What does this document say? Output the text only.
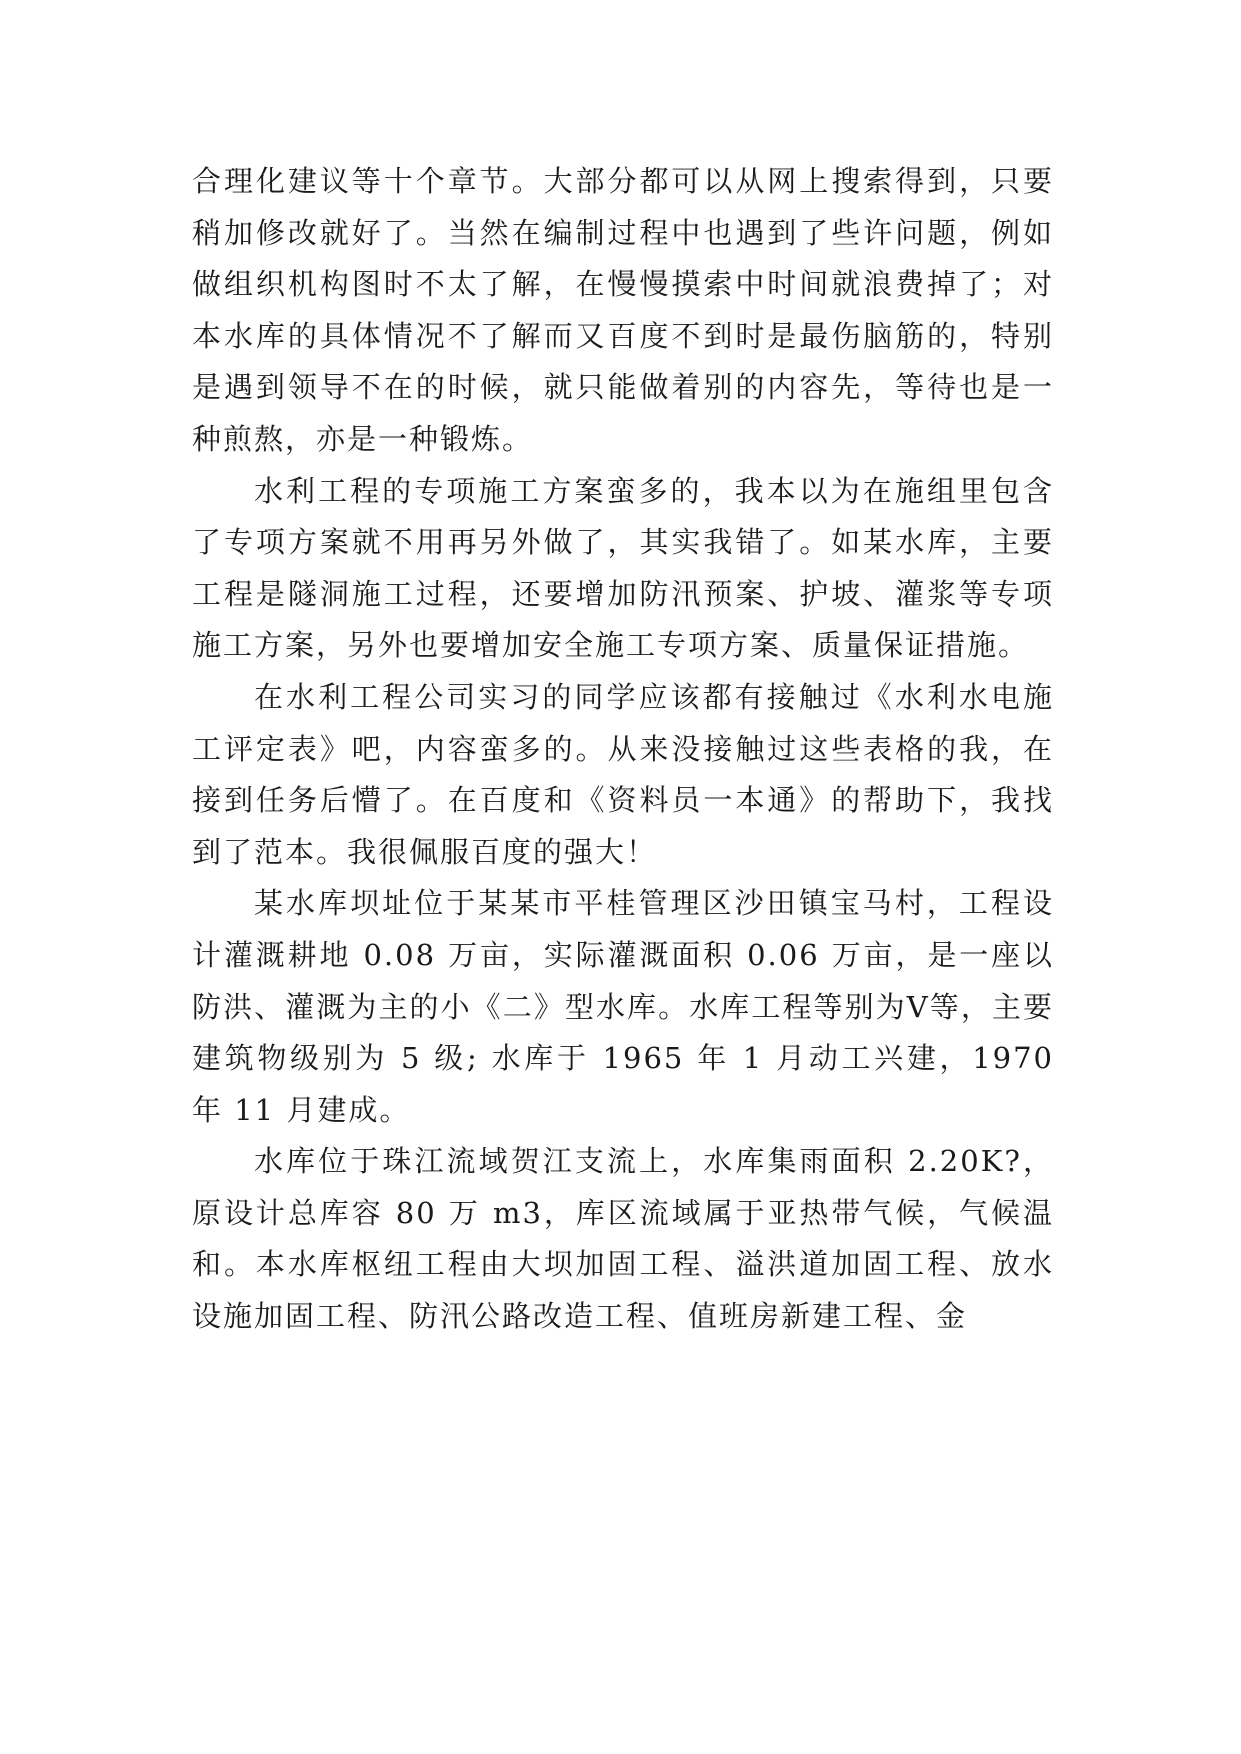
合理化建议等十个章节。大部分都可以从网上搜索得到，只要稍加修改就好了。当然在编制过程中也遇到了些许问题，例如做组织机构图时不太了解，在慢慢摸索中时间就浪费掉了；对本水库的具体情况不了解而又百度不到时是最伤脑筋的，特别是遇到领导不在的时候，就只能做着别的内容先，等待也是一种煎熬，亦是一种锻炼。

水利工程的专项施工方案蛮多的，我本以为在施组里包含了专项方案就不用再另外做了，其实我错了。如某水库，主要工程是隧洞施工过程，还要增加防汛预案、护坡、灌浆等专项施工方案，另外也要增加安全施工专项方案、质量保证措施。

在水利工程公司实习的同学应该都有接触过《水利水电施工评定表》吧，内容蛮多的。从来没接触过这些表格的我，在接到任务后懵了。在百度和《资料员一本通》的帮助下，我找到了范本。我很佩服百度的强大！

某水库坝址位于某某市平桂管理区沙田镇宝马村，工程设计灌溉耕地 0.08 万亩，实际灌溉面积 0.06 万亩，是一座以防洪、灌溉为主的小《二》型水库。水库工程等别为Ⅴ等，主要建筑物级别为 5 级; 水库于 1965 年 1 月动工兴建，1970 年 11 月建成。

水库位于珠江流域贺江支流上，水库集雨面积 2.20K?，原设计总库容 80 万 m3，库区流域属于亚热带气候，气候温和。本水库枢纽工程由大坝加固工程、溢洪道加固工程、放水设施加固工程、防汛公路改造工程、值班房新建工程、金
